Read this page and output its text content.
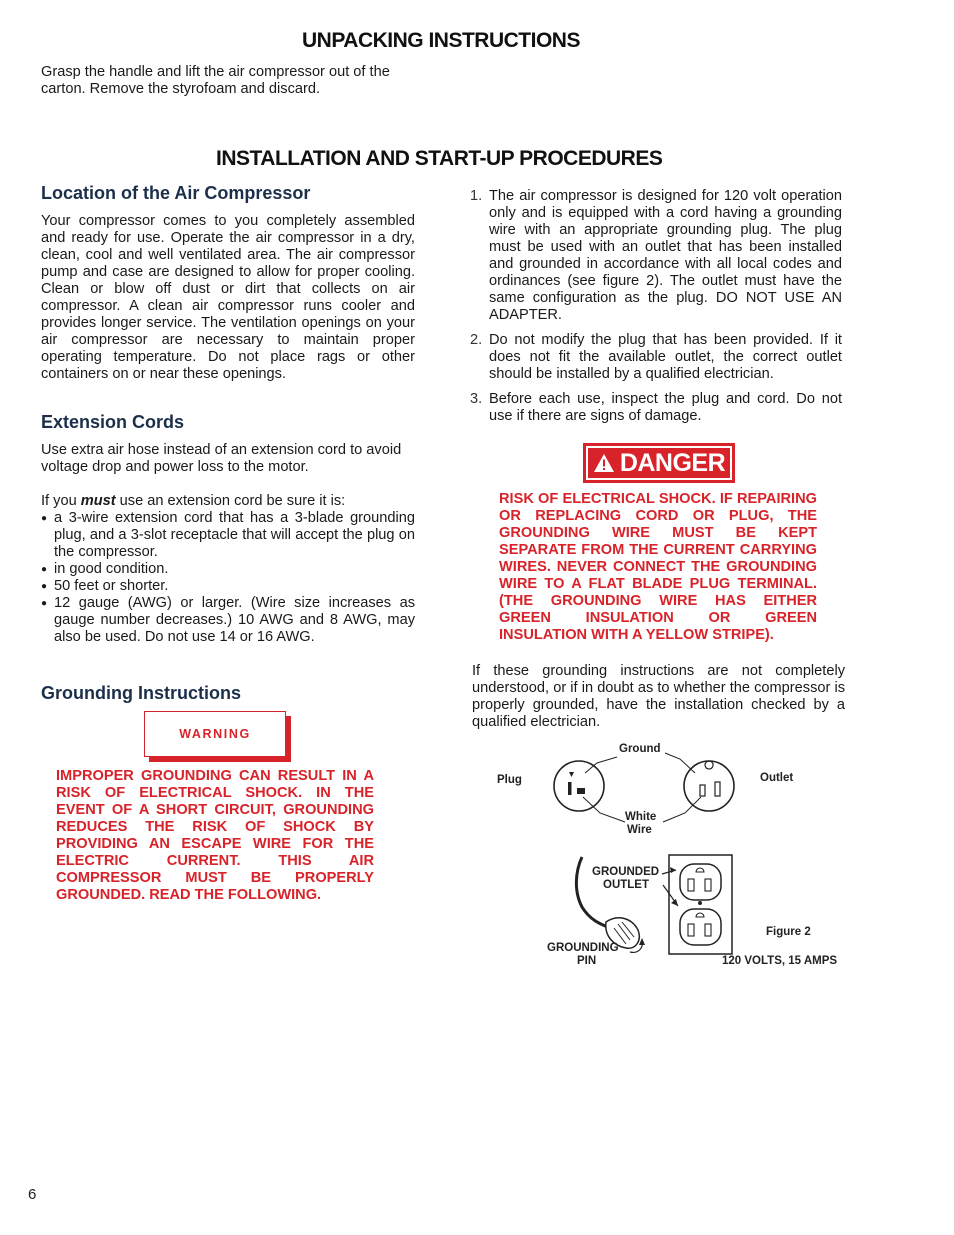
UNPACKING INSTRUCTIONS
Grasp the handle and lift the air compressor out of the carton. Remove the styrofoam and discard.
INSTALLATION AND START-UP PROCEDURES
Location of the Air Compressor
Your compressor comes to you completely assembled and ready for use. Operate the air compressor in a dry, clean, cool and well ventilated area. The air compressor pump and case are designed to allow for proper cooling. Clean or blow off dust or dirt that collects on air compressor. A clean air compressor runs cooler and provides longer service. The ventilation openings on your air compressor are necessary to maintain proper operating temperature. Do not place rags or other containers on or near these openings.
Extension Cords
Use extra air hose instead of an extension cord to avoid voltage drop and power loss to the motor.
If you must use an extension cord be sure it is:
● a 3-wire extension cord that has a 3-blade grounding plug, and a 3-slot receptacle that will accept the plug on the compressor.
● in good condition.
● 50 feet or shorter.
● 12 gauge (AWG) or larger. (Wire size increases as gauge number decreases.) 10 AWG and 8 AWG, may also be used. Do not use 14 or 16 AWG.
Grounding Instructions
WARNING
IMPROPER GROUNDING CAN RESULT IN A RISK OF ELECTRICAL SHOCK. IN THE EVENT OF A SHORT CIRCUIT, GROUNDING REDUCES THE RISK OF SHOCK BY PROVIDING AN ESCAPE WIRE FOR THE ELECTRIC CURRENT. THIS AIR COMPRESSOR MUST BE PROPERLY GROUNDED. READ THE FOLLOWING.
1. The air compressor is designed for 120 volt operation only and is equipped with a cord having a grounding wire with an appropriate grounding plug. The plug must be used with an outlet that has been installed and grounded in accordance with all local codes and ordinances (see figure 2). The outlet must have the same configuration as the plug. DO NOT USE AN ADAPTER.
2. Do not modify the plug that has been provided. If it does not fit the available outlet, the correct outlet should be installed by a qualified electrician.
3. Before each use, inspect the plug and cord. Do not use if there are signs of damage.
DANGER
RISK OF ELECTRICAL SHOCK. IF REPAIRING OR REPLACING CORD OR PLUG, THE GROUNDING WIRE MUST BE KEPT SEPARATE FROM THE CURRENT CARRYING WIRES. NEVER CONNECT THE GROUNDING WIRE TO A FLAT BLADE PLUG TERMINAL. (THE GROUNDING WIRE HAS EITHER GREEN INSULATION OR GREEN INSULATION WITH A YELLOW STRIPE).
If these grounding instructions are not completely understood, or if in doubt as to whether the compressor is properly grounded, have the installation checked by a qualified electrician.
Plug
Ground
Outlet
White
Wire
GROUNDED
OUTLET
GROUNDING
PIN
Figure 2
120 VOLTS, 15 AMPS
6
